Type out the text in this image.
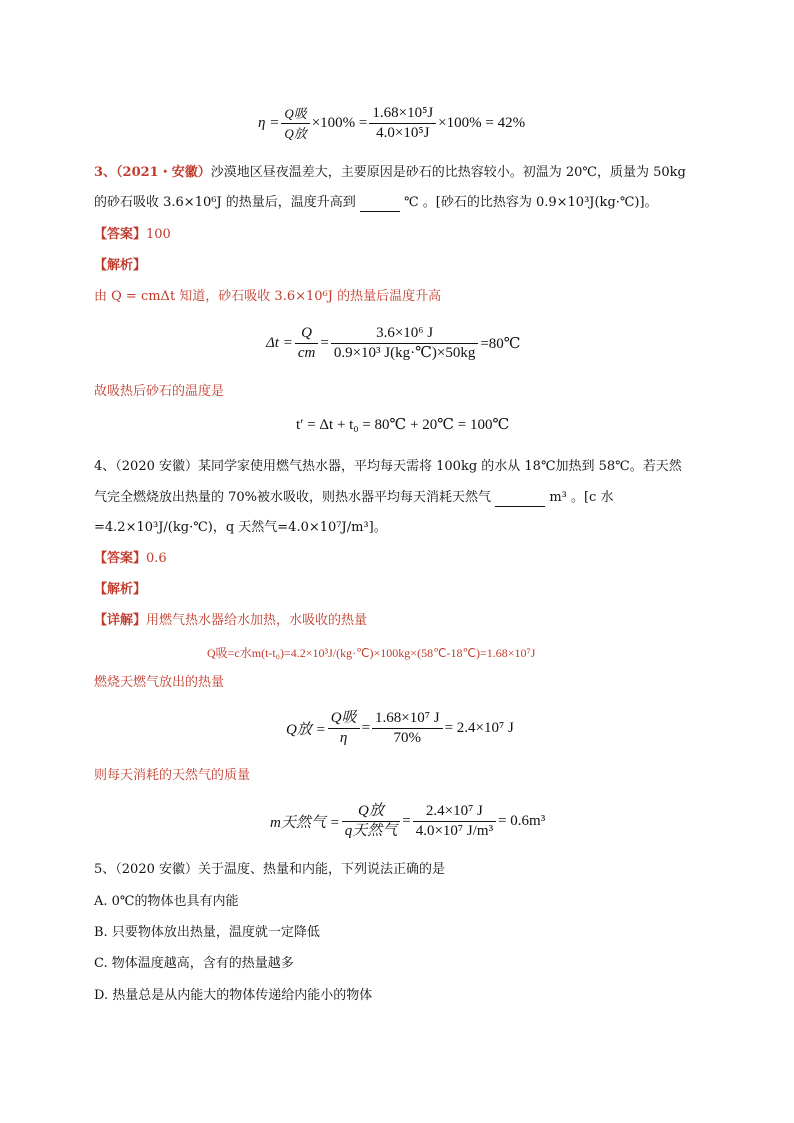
$\eta = \frac{\text{Q吸}}{\text{Q放}} \times 100\% = \frac{\text{1.68×10⁵J}}{\text{4.0×10⁵J}} \times 100\% = 42\%$
3、（2021・安徽）沙漠地区昼夜温差大，主要原因是砂石的比热容较小。初温为 20℃，质量为 50kg
的砂石吸收 3.6×10⁶J 的热量后，温度升高到	℃ 。[砂石的比热容为 0.9×10³J(kg·℃)]。
【答案】100
【解析】
由 Q = cmΔt 知道，砂石吸收 3.6×10⁶J 的热量后温度升高
$\Delta t = \frac{Q}{cm} = \frac{\text{3.6×10⁶ J}}{\text{0.9×10³ J(kg·℃)×50kg}}$ =80℃
故吸热后砂石的温度是
t′ = Δt + t₀ = 80℃ + 20℃ = 100℃
4、（2020 安徽）某同学家使用燃气热水器，平均每天需将 100kg 的水从 18℃加热到 58℃。若天然
气完全燃烧放出热量的 70%被水吸收，则热水器平均每天消耗天然气	m³ 。[c 水
=4.2×10³J/(kg·℃)，q 天然气=4.0×10⁷J/m³]。
【答案】0.6
【解析】
【详解】用燃气热水器给水加热，水吸收的热量
Q吸=c水m(t-t₀)=4.2×10³J/(kg·℃)×100kg×(58℃-18℃)=1.68×10⁷J
燃烧天燃气放出的热量
Q放 = $\frac{\text{Q吸}}{\eta} = \frac{\text{1.68×10⁷ J}}{70\%} = 2.4\times 10^7$ J
则每天消耗的天然气的质量
m天然气 = $\frac{\text{Q放}}{\text{q天然气}} = \frac{\text{2.4×10⁷ J}}{\text{4.0×10⁷ J/m³}} = 0.6m^3$
5、（2020 安徽）关于温度、热量和内能，下列说法正确的是
A. 0℃的物体也具有内能
B. 只要物体放出热量，温度就一定降低
C. 物体温度越高，含有的热量越多
D. 热量总是从内能大的物体传递给内能小的物体
